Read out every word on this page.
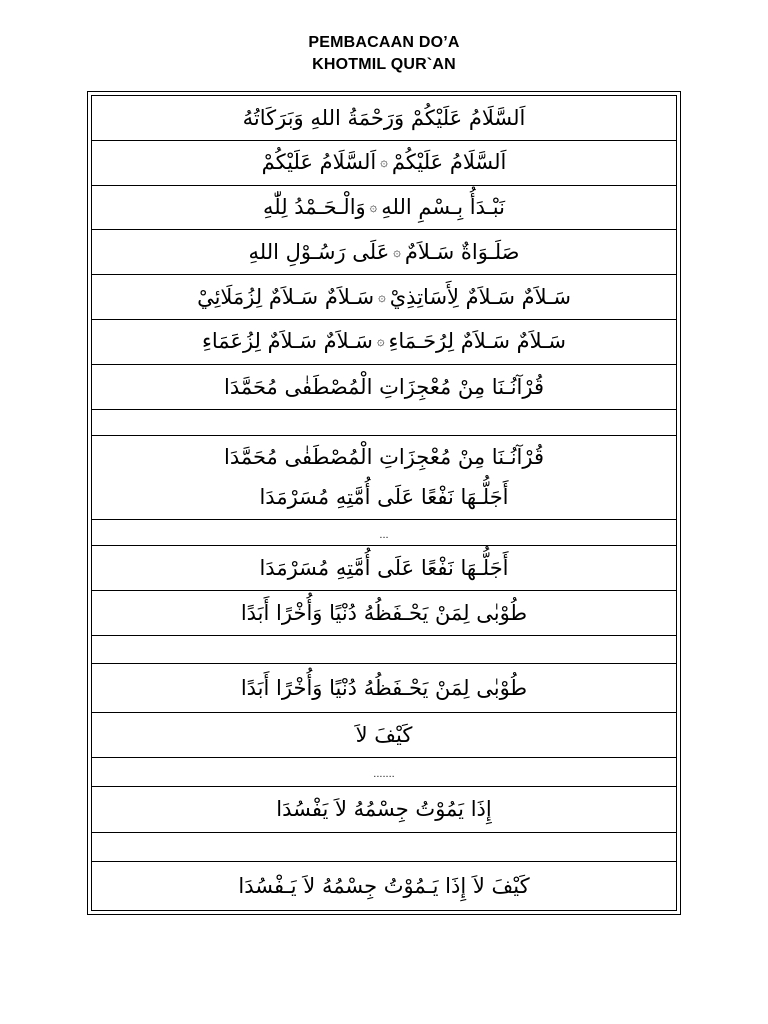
PEMBACAAN DO’A
KHOTMIL QUR`AN
اَلسَّلَامُ عَلَيْكُمْ وَرَحْمَةُ اللهِ وَبَرَكَاتُهُ
اَلسَّلَامُ عَلَيْكُمْ۞اَلسَّلَامُ عَلَيْكُمْ
نَبْـدَأُ بِـسْمِ اللهِ۞وَالْـحَـمْدُ لِلّٰهِ
صَلَـوَاةٌ سَـلاَمٌ۞عَلَى رَسُـوْلِ اللهِ
سَـلاَمٌ سَـلاَمٌ لِأَسَاتِذِيْ۞سَـلاَمٌ سَـلاَمٌ لِزُمَلَائِيْ
سَـلاَمٌ سَـلاَمٌ لِرُحَـمَاءِ۞سَـلاَمٌ سَـلاَمٌ لِزُعَمَاءِ
قُرْآنُـنَا مِنْ مُعْجِزَاتِ الْمُصْطَفٰى مُحَمَّدَا

قُرْآنُـنَا مِنْ مُعْجِزَاتِ الْمُصْطَفٰى مُحَمَّدَا
أَجَلُّـهَا نَفْعًا عَلَى أُمَّتِهِ مُسَرْمَدَا

...
أَجَلُّـهَا نَفْعًا عَلَى أُمَّتِهِ مُسَرْمَدَا
طُوْبٰى لِمَنْ يَحْـفَظُهُ دُنْيًا وَأُخْرًا أَبَدًا

طُوْبٰى لِمَنْ يَحْـفَظُهُ دُنْيًا وَأُخْرًا أَبَدًا
كَيْفَ لاَ
.......
إِذَا يَمُوْتُ جِسْمُهُ لاَ يَفْسُدَا

كَيْفَ لاَ إِذَا يَـمُوْتُ جِسْمُهُ لاَ يَـفْسُدَا
